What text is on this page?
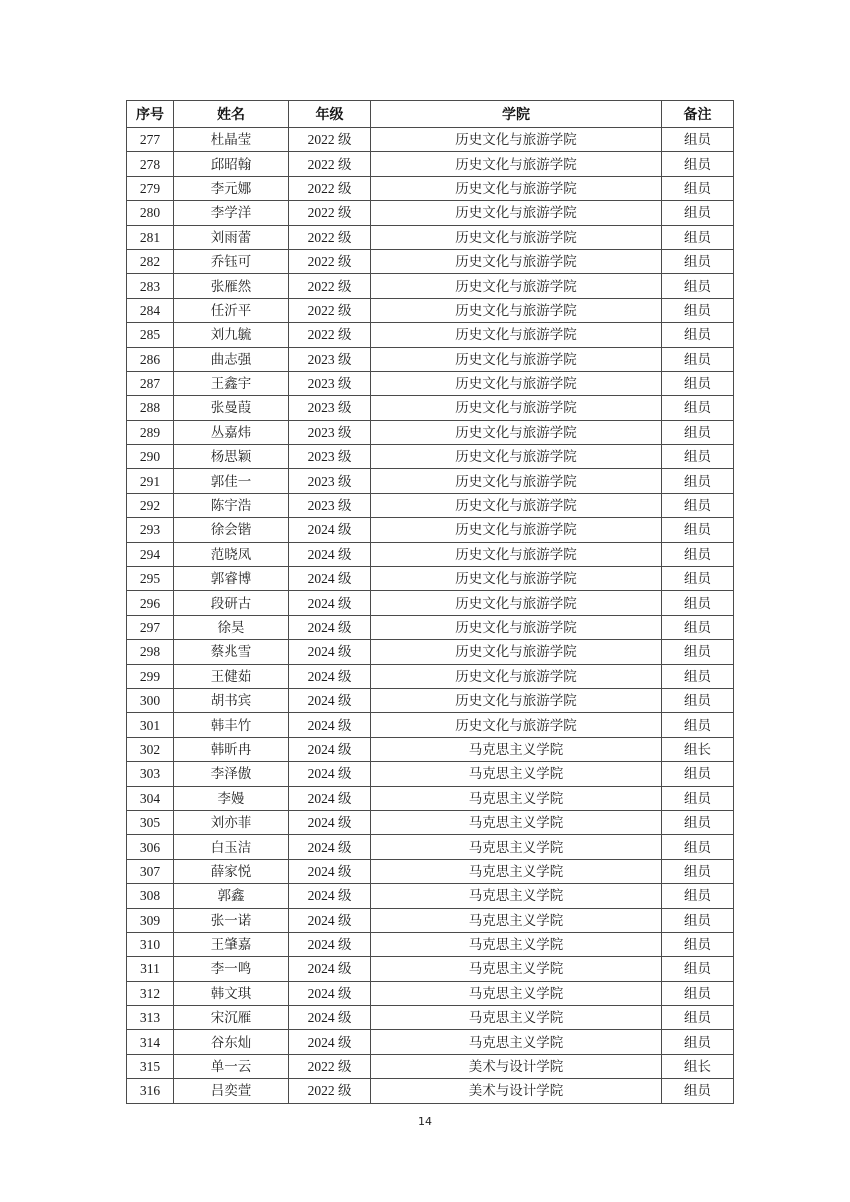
序号	姓名	年级	学院	备注
277	杜晶莹	2022 级	历史文化与旅游学院	组员
278	邱昭翰	2022 级	历史文化与旅游学院	组员
279	李元娜	2022 级	历史文化与旅游学院	组员
280	李学洋	2022 级	历史文化与旅游学院	组员
281	刘雨蕾	2022 级	历史文化与旅游学院	组员
282	乔钰可	2022 级	历史文化与旅游学院	组员
283	张雁然	2022 级	历史文化与旅游学院	组员
284	任沂平	2022 级	历史文化与旅游学院	组员
285	刘九毓	2022 级	历史文化与旅游学院	组员
286	曲志强	2023 级	历史文化与旅游学院	组员
287	王鑫宇	2023 级	历史文化与旅游学院	组员
288	张曼葭	2023 级	历史文化与旅游学院	组员
289	丛嘉炜	2023 级	历史文化与旅游学院	组员
290	杨思颖	2023 级	历史文化与旅游学院	组员
291	郭佳一	2023 级	历史文化与旅游学院	组员
292	陈宇浩	2023 级	历史文化与旅游学院	组员
293	徐会锴	2024 级	历史文化与旅游学院	组员
294	范晓凤	2024 级	历史文化与旅游学院	组员
295	郭睿博	2024 级	历史文化与旅游学院	组员
296	段研古	2024 级	历史文化与旅游学院	组员
297	徐昊	2024 级	历史文化与旅游学院	组员
298	蔡兆雪	2024 级	历史文化与旅游学院	组员
299	王健茹	2024 级	历史文化与旅游学院	组员
300	胡书宾	2024 级	历史文化与旅游学院	组员
301	韩丰竹	2024 级	历史文化与旅游学院	组员
302	韩昕冉	2024 级	马克思主义学院	组长
303	李泽傲	2024 级	马克思主义学院	组员
304	李嫚	2024 级	马克思主义学院	组员
305	刘亦菲	2024 级	马克思主义学院	组员
306	白玉洁	2024 级	马克思主义学院	组员
307	薛家悦	2024 级	马克思主义学院	组员
308	郭鑫	2024 级	马克思主义学院	组员
309	张一诺	2024 级	马克思主义学院	组员
310	王肇嘉	2024 级	马克思主义学院	组员
311	李一鸣	2024 级	马克思主义学院	组员
312	韩文琪	2024 级	马克思主义学院	组员
313	宋沉雁	2024 级	马克思主义学院	组员
314	谷东灿	2024 级	马克思主义学院	组员
315	单一云	2022 级	美术与设计学院	组长
316	吕奕萱	2022 级	美术与设计学院	组员
14
